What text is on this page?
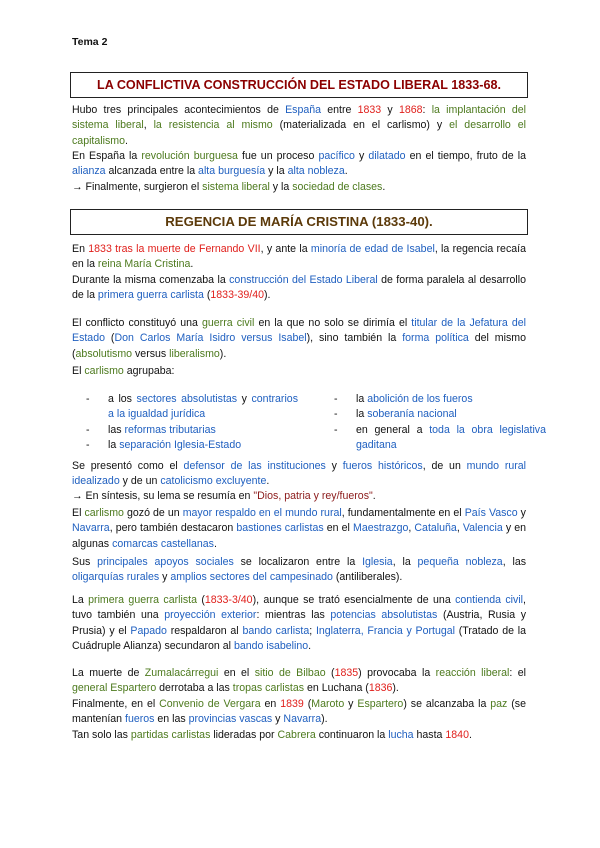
Tema 2
LA CONFLICTIVA CONSTRUCCIÓN DEL ESTADO LIBERAL 1833-68.

Hubo tres principales acontecimientos de España entre 1833 y 1868: la implantación del sistema liberal, la resistencia al mismo (materializada en el carlismo) y el desarrollo el capitalismo.

En España la revolución burguesa fue un proceso pacífico y dilatado en el tiempo, fruto de la alianza alcanzada entre la alta burguesía y la alta nobleza.

→ Finalmente, surgieron el sistema liberal y la sociedad de clases.

REGENCIA DE MARÍA CRISTINA (1833-40).

En 1833 tras la muerte de Fernando VII, y ante la minoría de edad de Isabel, la regencia recaía en la reina María Cristina.

Durante la misma comenzaba la construcción del Estado Liberal de forma paralela al desarrollo de la primera guerra carlista (1833-39/40).

El conflicto constituyó una guerra civil en la que no solo se dirimía el titular de la Jefatura del Estado (Don Carlos María Isidro versus Isabel), sino también la forma política del mismo (absolutismo versus liberalismo).

El carlismo agrupaba:

- a los sectores absolutistas y contrarios a la igualdad jurídica
- las reformas tributarias
- la separación Iglesia-Estado
- la abolición de los fueros
- la soberanía nacional
- en general a toda la obra legislativa gaditana

Se presentó como el defensor de las instituciones y fueros históricos, de un mundo rural idealizado y de un catolicismo excluyente.

→ En síntesis, su lema se resumía en "Dios, patria y rey/fueros".

El carlismo gozó de un mayor respaldo en el mundo rural, fundamentalmente en el País Vasco y Navarra, pero también destacaron bastiones carlistas en el Maestrazgo, Cataluña, Valencia y en algunas comarcas castellanas.

Sus principales apoyos sociales se localizaron entre la Iglesia, la pequeña nobleza, las oligarquías rurales y amplios sectores del campesinado (antiliberales).

La primera guerra carlista (1833-3/40), aunque se trató esencialmente de una contienda civil, tuvo también una proyección exterior: mientras las potencias absolutistas (Austria, Rusia y Prusia) y el Papado respaldaron al bando carlista; Inglaterra, Francia y Portugal (Tratado de la Cuádruple Alianza) secundaron al bando isabelino.

La muerte de Zumalacárregui en el sitio de Bilbao (1835) provocaba la reacción liberal: el general Espartero derrotaba a las tropas carlistas en Luchana (1836).

Finalmente, en el Convenio de Vergara en 1839 (Maroto y Espartero) se alcanzaba la paz (se mantenían fueros en las provincias vascas y Navarra).

Tan solo las partidas carlistas lideradas por Cabrera continuaron la lucha hasta 1840.
